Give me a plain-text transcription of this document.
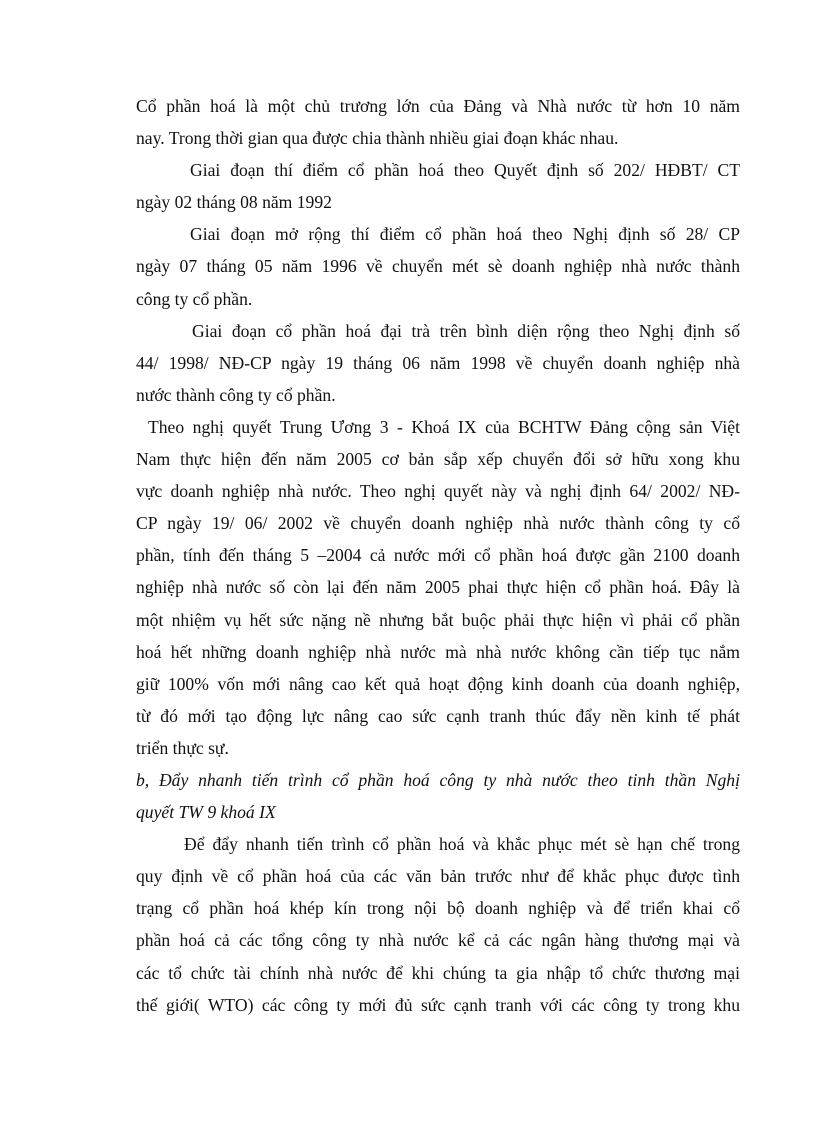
Cổ phần hoá là một chủ trương lớn của Đảng và Nhà nước từ hơn 10 năm
nay. Trong thời gian qua được chia thành nhiều giai đoạn khác nhau.
Giai đoạn thí điểm cổ phần hoá theo Quyết định số 202/ HĐBT/ CT
ngày 02 tháng 08 năm 1992
Giai đoạn mở rộng thí điểm cổ phần hoá theo Nghị định số 28/ CP
ngày 07 tháng 05 năm 1996 về chuyển mét sè doanh nghiệp nhà nước thành
công ty cổ phần.
Giai đoạn cổ phần hoá đại trà trên bình diện rộng theo Nghị định số
44/ 1998/ NĐ-CP ngày 19 tháng 06 năm 1998 về chuyển doanh nghiệp nhà
nước thành công ty cổ phần.
Theo nghị quyết Trung Ương 3 - Khoá IX của BCHTW Đảng cộng sản Việt
Nam thực hiện đến năm 2005 cơ bản sắp xếp chuyển đổi sở hữu xong khu
vực doanh nghiệp nhà nước. Theo nghị quyết này và nghị định 64/ 2002/ NĐ-
CP ngày 19/ 06/ 2002 về chuyển doanh nghiệp nhà nước thành công ty cổ
phần, tính đến tháng 5 –2004 cả nước mới cổ phần hoá được gần 2100 doanh
nghiệp nhà nước số còn lại đến năm 2005 phai thực hiện cổ phần hoá. Đây là
một nhiệm vụ hết sức nặng nề nhưng bắt buộc phải thực hiện vì phải cổ phần
hoá hết những doanh nghiệp nhà nước mà nhà nước không cần tiếp tục nắm
giữ 100% vốn mới nâng cao kết quả hoạt động kinh doanh của doanh nghiệp,
từ đó mới tạo động lực nâng cao sức cạnh tranh thúc đẩy nền kinh tế phát
triển thực sự.
b, Đẩy nhanh tiến trình cổ phần hoá công ty nhà nước theo tinh thần Nghị
quyết TW 9 khoá IX
Để đẩy nhanh tiến trình cổ phần hoá và khắc phục mét sè hạn chế trong
quy định về cổ phần hoá của các văn bản trước như để khắc phục được tình
trạng cổ phần hoá khép kín trong nội bộ doanh nghiệp và để triển khai cổ
phần hoá cả các tổng công ty nhà nước kể cả các ngân hàng thương mại và
các tổ chức tài chính nhà nước để khi chúng ta gia nhập tổ chức thương mại
thế giới( WTO) các công ty mới đủ sức cạnh tranh với các công ty trong khu
